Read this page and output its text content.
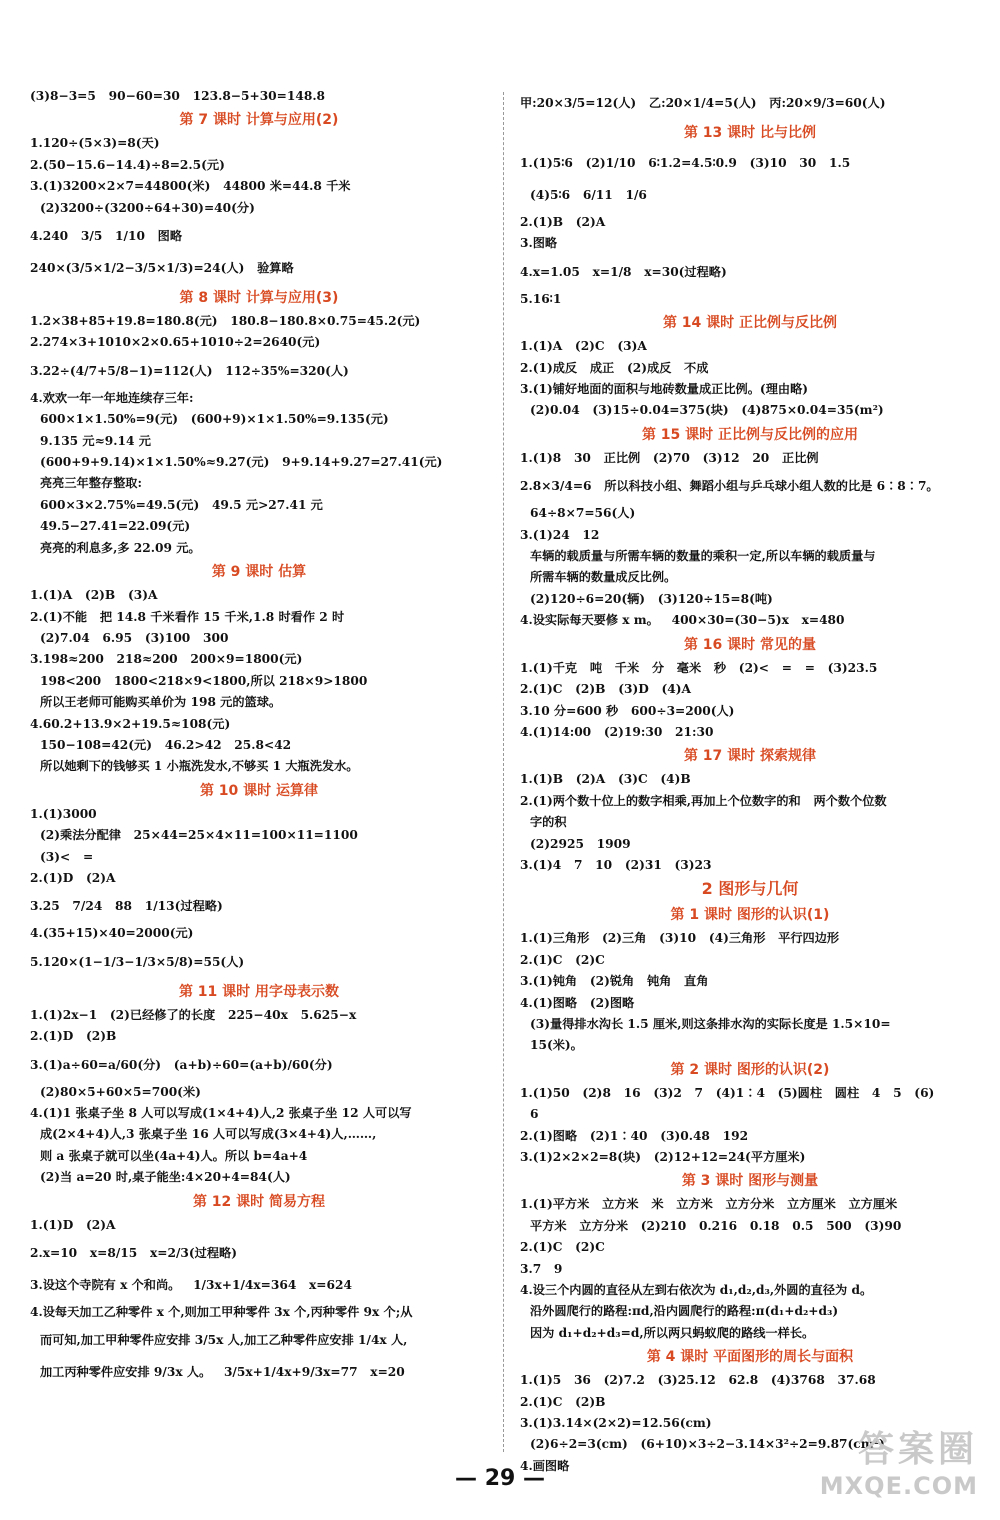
(3)8−3=5   90−60=30   123.8−5+30=148.8
第 7 课时 计算与应用(2)
1.120÷(5×3)=8(天)
2.(50−15.6−14.4)÷8=2.5(元)
3.(1)3200×2×7=44800(米)   44800 米=44.8 千米
(2)3200÷(3200÷64+30)=40(分)
4.240   3/5   1/10   图略
240×(3/5×1/2−3/5×1/3)=24(人)   验算略
第 8 课时 计算与应用(3)
1.2×38+85+19.8=180.8(元)   180.8−180.8×0.75=45.2(元)
2.274×3+1010×2×0.65+1010÷2=2640(元)
3.22÷(4/7+5/8−1)=112(人)   112÷35%=320(人)
4.欢欢一年一年地连续存三年:
600×1×1.50%=9(元)   (600+9)×1×1.50%=9.135(元)
9.135 元≈9.14 元
(600+9+9.14)×1×1.50%≈9.27(元)   9+9.14+9.27=27.41(元)
亮亮三年整存整取:
600×3×2.75%=49.5(元)   49.5 元>27.41 元
49.5−27.41=22.09(元)
亮亮的利息多,多 22.09 元。
第 9 课时 估算
1.(1)A   (2)B   (3)A
2.(1)不能   把 14.8 千米看作 15 千米,1.8 时看作 2 时
(2)7.04   6.95   (3)100   300
3.198≈200   218≈200   200×9=1800(元)
198<200   1800<218×9<1800,所以 218×9>1800
所以王老师可能购买单价为 198 元的篮球。
4.60.2+13.9×2+19.5≈108(元)
150−108=42(元)   46.2>42   25.8<42
所以她剩下的钱够买 1 小瓶洗发水,不够买 1 大瓶洗发水。
第 10 课时 运算律
1.(1)3000
(2)乘法分配律   25×44=25×4×11=100×11=1100
(3)<   =
2.(1)D   (2)A
3.25   7/24   88   1/13(过程略)
4.(35+15)×40=2000(元)
5.120×(1−1/3−1/3×5/8)=55(人)
第 11 课时 用字母表示数
1.(1)2x−1   (2)已经修了的长度   225−40x   5.625−x
2.(1)D   (2)B
3.(1)a÷60=a/60(分)   (a+b)÷60=(a+b)/60(分)
(2)80×5+60×5=700(米)
4.(1)1 张桌子坐 8 人可以写成(1×4+4)人,2 张桌子坐 12 人可以写
成(2×4+4)人,3 张桌子坐 16 人可以写成(3×4+4)人,……,
则 a 张桌子就可以坐(4a+4)人。所以 b=4a+4
(2)当 a=20 时,桌子能坐:4×20+4=84(人)
第 12 课时 简易方程
1.(1)D   (2)A
2.x=10   x=8/15   x=2/3(过程略)
3.设这个寺院有 x 个和尚。   1/3x+1/4x=364   x=624
4.设每天加工乙种零件 x 个,则加工甲种零件 3x 个,丙种零件 9x 个;从
而可知,加工甲种零件应安排 3/5x 人,加工乙种零件应安排 1/4x 人,
加工丙种零件应安排 9/3x 人。   3/5x+1/4x+9/3x=77   x=20
甲:20×3/5=12(人)   乙:20×1/4=5(人)   丙:20×9/3=60(人)
第 13 课时 比与比例
1.(1)5∶6   (2)1/10   6∶1.2=4.5∶0.9   (3)10   30   1.5
(4)5∶6   6/11   1/6
2.(1)B   (2)A
3.图略
4.x=1.05   x=1/8   x=30(过程略)
5.16∶1
第 14 课时 正比例与反比例
1.(1)A   (2)C   (3)A
2.(1)成反   成正   (2)成反   不成
3.(1)铺好地面的面积与地砖数量成正比例。(理由略)
(2)0.04   (3)15÷0.04=375(块)   (4)875×0.04=35(m²)
第 15 课时 正比例与反比例的应用
1.(1)8   30   正比例   (2)70   (3)12   20   正比例
2.8×3/4=6   所以科技小组、舞蹈小组与乒乓球小组人数的比是 6∶8∶7。
64÷8×7=56(人)
3.(1)24   12
车辆的载质量与所需车辆的数量的乘积一定,所以车辆的载质量与
所需车辆的数量成反比例。
(2)120÷6=20(辆)   (3)120÷15=8(吨)
4.设实际每天要修 x m。   400×30=(30−5)x   x=480
第 16 课时 常见的量
1.(1)千克   吨   千米   分   毫米   秒   (2)<   =   =   (3)23.5
2.(1)C   (2)B   (3)D   (4)A
3.10 分=600 秒   600÷3=200(人)
4.(1)14:00   (2)19:30   21:30
第 17 课时 探索规律
1.(1)B   (2)A   (3)C   (4)B
2.(1)两个数十位上的数字相乘,再加上个位数字的和   两个数个位数
字的积
(2)2925   1909
3.(1)4   7   10   (2)31   (3)23
2 图形与几何
第 1 课时 图形的认识(1)
1.(1)三角形   (2)三角   (3)10   (4)三角形   平行四边形
2.(1)C   (2)C
3.(1)钝角   (2)锐角   钝角   直角
4.(1)图略   (2)图略
(3)量得排水沟长 1.5 厘米,则这条排水沟的实际长度是 1.5×10=
15(米)。
第 2 课时 图形的认识(2)
1.(1)50   (2)8   16   (3)2   7   (4)1∶4   (5)圆柱   圆柱   4   5   (6)
6
2.(1)图略   (2)1∶40   (3)0.48   192
3.(1)2×2×2=8(块)   (2)12+12=24(平方厘米)
第 3 课时 图形与测量
1.(1)平方米   立方米   米   立方米   立方分米   立方厘米   立方厘米
平方米   立方分米   (2)210   0.216   0.18   0.5   500   (3)90
2.(1)C   (2)C
3.7   9
4.设三个内圆的直径从左到右依次为 d₁,d₂,d₃,外圆的直径为 d。
沿外圆爬行的路程:πd,沿内圆爬行的路程:π(d₁+d₂+d₃)
因为 d₁+d₂+d₃=d,所以两只蚂蚁爬的路线一样长。
第 4 课时 平面图形的周长与面积
1.(1)5   36   (2)7.2   (3)25.12   62.8   (4)3768   37.68
2.(1)C   (2)B
3.(1)3.14×(2×2)=12.56(cm)
(2)6÷2=3(cm)   (6+10)×3÷2−3.14×3²÷2=9.87(cm²)
4.画图略
— 29 —
答案圈
MXQE.COM
